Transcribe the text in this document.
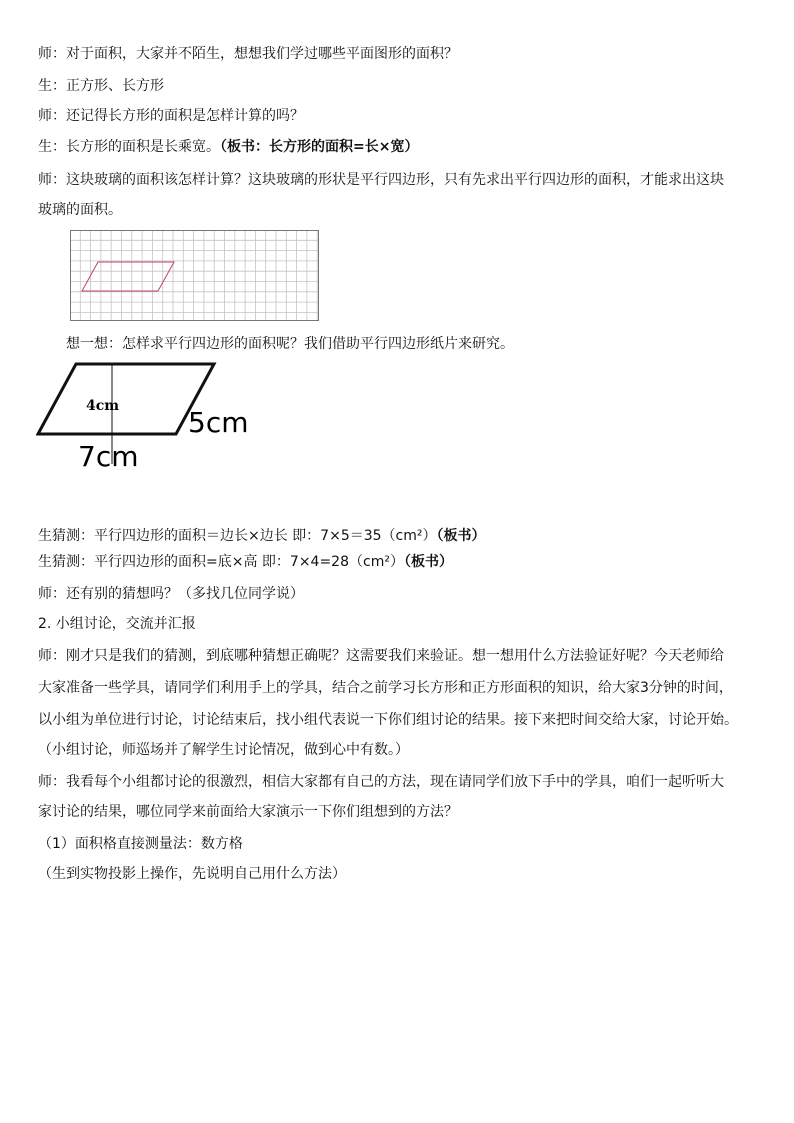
师：对于面积，大家并不陌生，想想我们学过哪些平面图形的面积？
生：正方形、长方形
师：还记得长方形的面积是怎样计算的吗？
生：长方形的面积是长乘宽。（板书：长方形的面积=长×宽）
师：这块玻璃的面积该怎样计算？这块玻璃的形状是平行四边形，只有先求出平行四边形的面积，才能求出这块
玻璃的面积。
想一想：怎样求平行四边形的面积呢？我们借助平行四边形纸片来研究。
4cm 5cm
7cm
生猜测：平行四边形的面积＝边长×边长 即：7×5＝35（cm²）（板书）
生猜测：平行四边形的面积=底×高 即：7×4=28（cm²）（板书）
师：还有别的猜想吗？（多找几位同学说）
2. 小组讨论，交流并汇报
师：刚才只是我们的猜测，到底哪种猜想正确呢？这需要我们来验证。想一想用什么方法验证好呢？今天老师给
大家准备一些学具，请同学们利用手上的学具，结合之前学习长方形和正方形面积的知识，给大家3分钟的时间，
以小组为单位进行讨论，讨论结束后，找小组代表说一下你们组讨论的结果。接下来把时间交给大家，讨论开始。
（小组讨论，师巡场并了解学生讨论情况，做到心中有数。）
师：我看每个小组都讨论的很激烈，相信大家都有自己的方法，现在请同学们放下手中的学具，咱们一起听听大
家讨论的结果，哪位同学来前面给大家演示一下你们组想到的方法？
（1）面积格直接测量法：数方格
（生到实物投影上操作，先说明自己用什么方法）
